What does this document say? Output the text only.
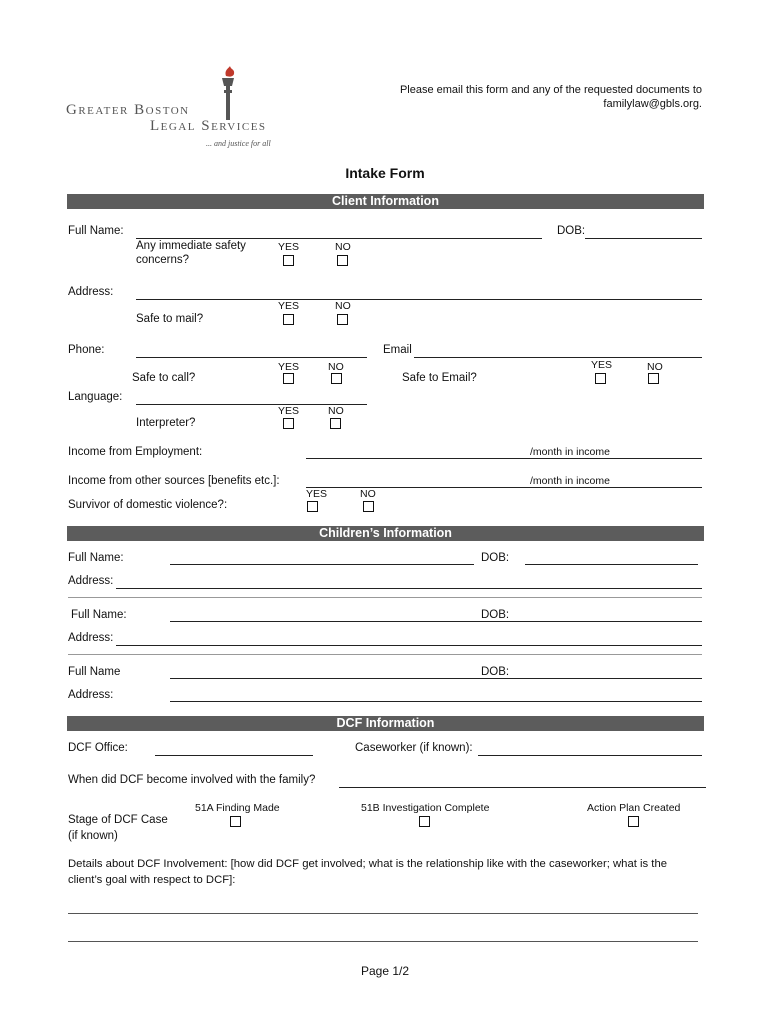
Greater Boston
Legal Services
... and justice for all
Please email this form and any of the requested documents to
familylaw@gbls.org.
Intake Form
Client Information
Full Name:	DOB:
Any immediate safety
concerns?
YES	NO
Address:
YES	NO
Safe to mail?
Phone:	Email
YES	NO	YES	NO
Safe to call?	Safe to Email?
Language:
YES	NO
Interpreter?
Income from Employment:	/month in income
Income from other sources [benefits etc.]:	/month in income
YES	NO
Survivor of domestic violence?:
Children’s Information
Full Name:	DOB:
Address:
Full Name:	DOB:
Address:
Full Name	DOB:
Address:
DCF Information
DCF Office:	Caseworker (if known):
When did DCF become involved with the family?
51A Finding Made	51B Investigation Complete	Action Plan Created
Stage of DCF Case
(if known)
Details about DCF Involvement: [how did DCF get involved; what is the relationship like with the caseworker; what is the
client’s goal with respect to DCF]:
Page 1/2
